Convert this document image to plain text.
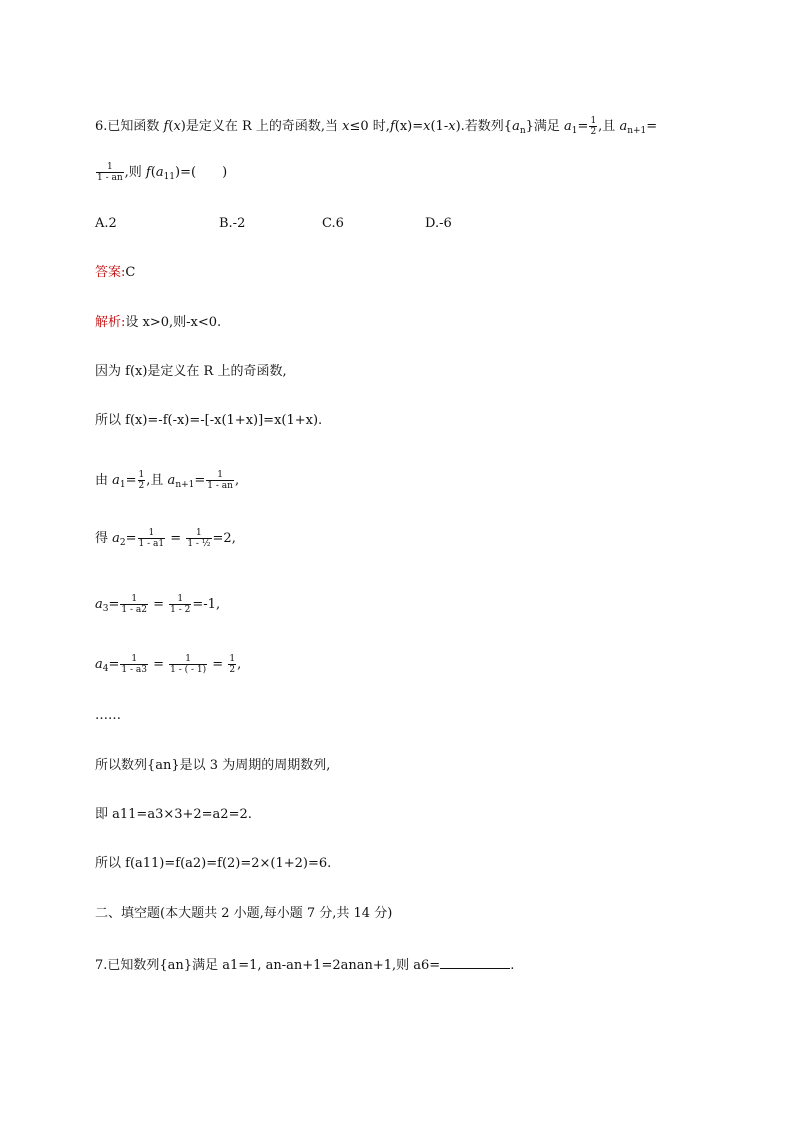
6.已知函数 f(x)是定义在 R 上的奇函数,当 x≤0 时,f(x)=x(1-x).若数列$\{a_n\}$满足 $a_1= \frac{1}{2}$ ,且 $a_{n+1}=$
$\frac{1}{1 - an}$ ,则 $f(a_{11})=$(　　)
A.2	B.-2	C.6	D.-6
答案:C
解析:设 x>0,则-x<0.
因为 f(x)是定义在 R 上的奇函数,
所以 f(x)=-f(-x)=-[-x(1+x)]=x(1+x).
由 $a_1= \frac{1}{2}$ ,且 $a_{n+1}= \frac{1}{1 - an}$ ,
得 $a_2= \frac{1}{1 - a1} = \frac{1}{\text{1 - ½}} =2$,
$a_3= \frac{1}{1 - a2} = \frac{1}{1 - 2} =-1$,
$a_4= \frac{1}{1 - a3} = \frac{1}{1 - ( - 1)} = \frac{1}{2}$ ,
……
所以数列{an}是以 3 为周期的周期数列,
即 a11=a3×3+2=a2=2.
所以 f(a11)=f(a2)=f(2)=2×(1+2)=6.
二、填空题(本大题共 2 小题,每小题 7 分,共 14 分)
7.已知数列{an}满足 a1=1, an-an+1=2anan+1,则 a6=	.
